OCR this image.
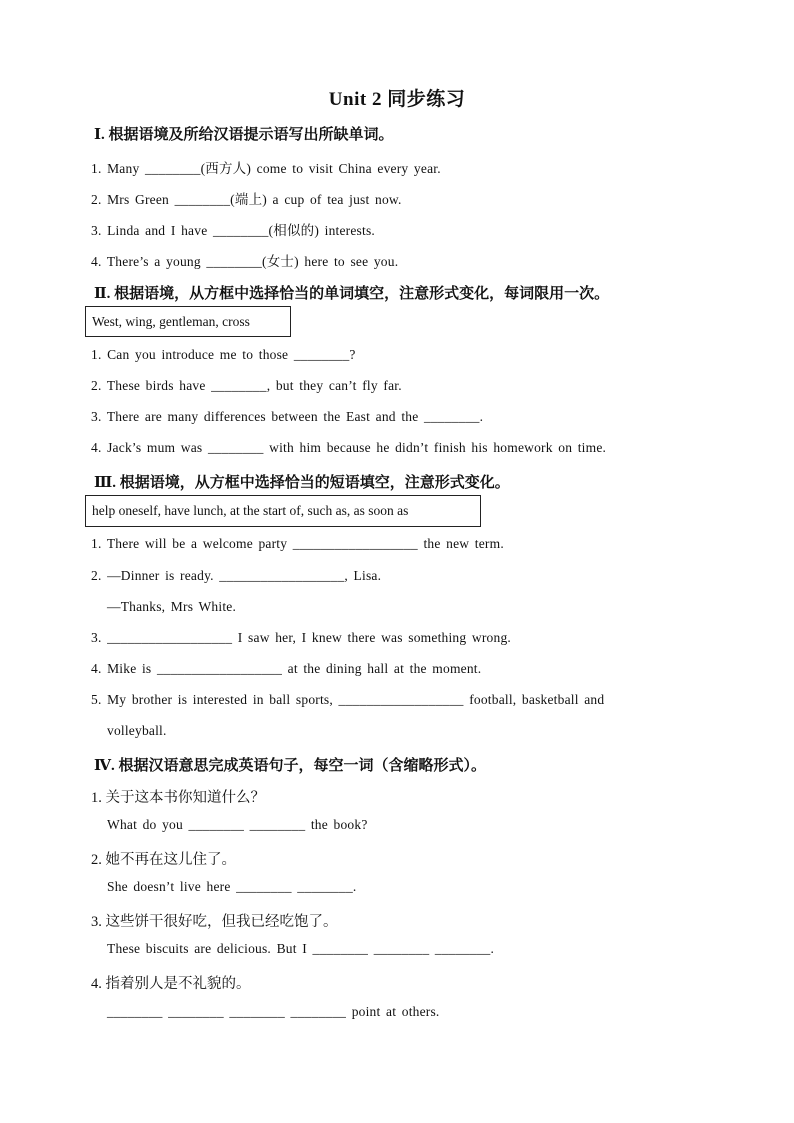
Unit 2 同步练习
Ⅰ. 根据语境及所给汉语提示语写出所缺单词。
1. Many ________(西方人) come to visit China every year.
2. Mrs Green ________(端上) a cup of tea just now.
3. Linda and I have ________(相似的) interests.
4. There’s a young ________(女士) here to see you.
Ⅱ. 根据语境，从方框中选择恰当的单词填空，注意形式变化，每词限用一次。
West, wing, gentleman, cross
1. Can you introduce me to those ________?
2. These birds have ________, but they can’t fly far.
3. There are many differences between the East and the ________.
4. Jack’s mum was ________ with him because he didn’t finish his homework on time.
Ⅲ. 根据语境，从方框中选择恰当的短语填空，注意形式变化。
help oneself, have lunch, at the start of, such as, as soon as
1. There will be a welcome party __________________ the new term.
2. —Dinner is ready. __________________, Lisa.
—Thanks, Mrs White.
3. __________________ I saw her, I knew there was something wrong.
4. Mike is __________________ at the dining hall at the moment.
5. My brother is interested in ball sports, __________________ football, basketball and
volleyball.
Ⅳ. 根据汉语意思完成英语句子，每空一词（含缩略形式）。
1. 关于这本书你知道什么？
What do you ________ ________ the book?
2. 她不再在这儿住了。
She doesn’t live here ________ ________.
3. 这些饼干很好吃，但我已经吃饱了。
These biscuits are delicious. But I ________ ________ ________.
4. 指着别人是不礼貌的。
________ ________ ________ ________ point at others.
